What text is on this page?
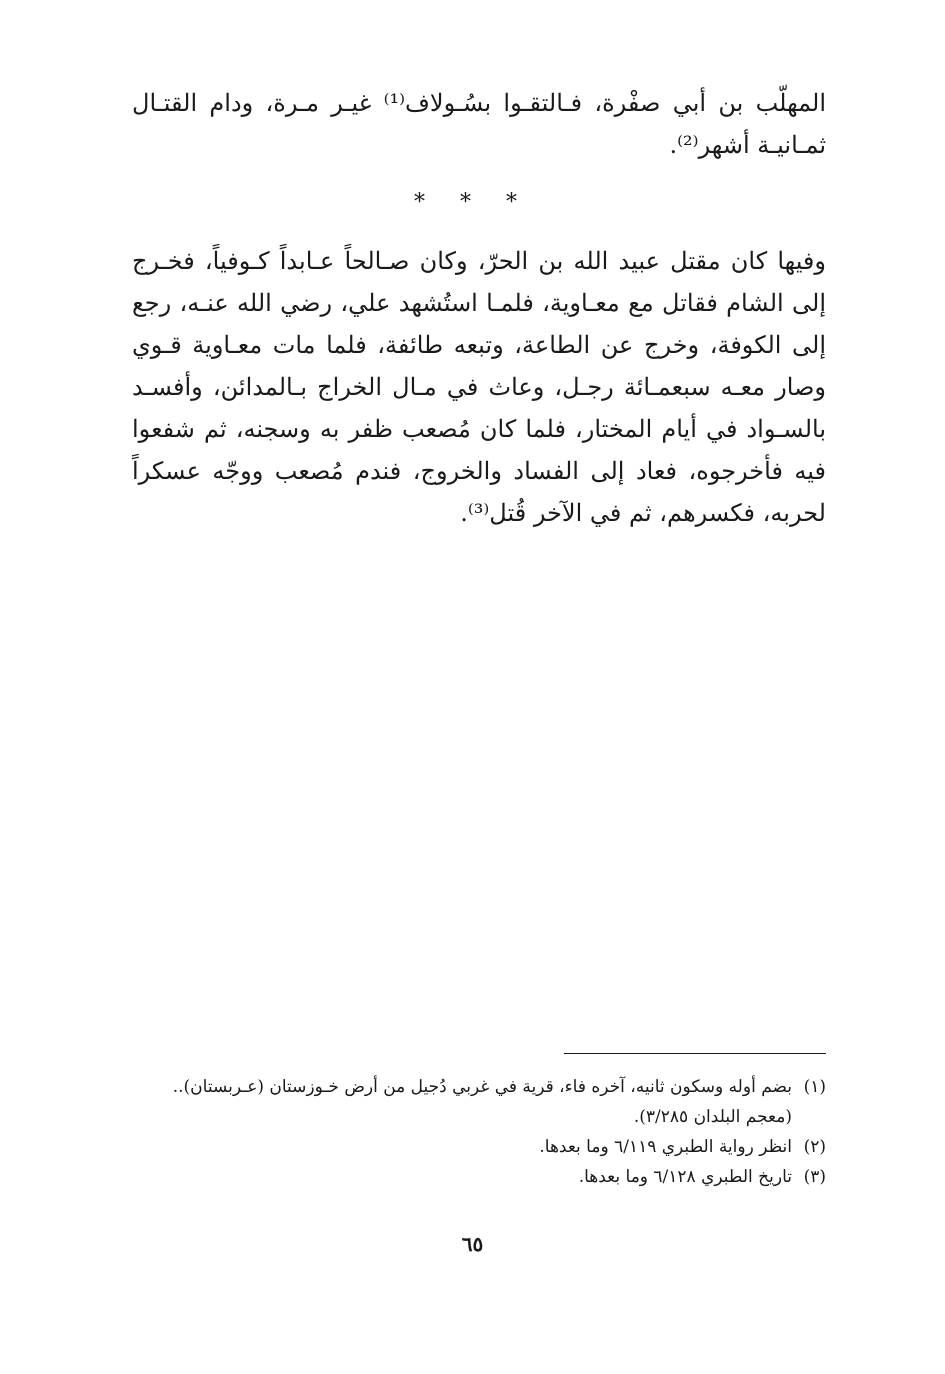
المهلّب بن أبي صفْرة، فـالتقـوا بسُـولاف⁽¹⁾ غيـر مـرة، ودام القتـال ثمـانيـة أشهر⁽²⁾.

* * *

وفيها كان مقتل عبيد الله بن الحرّ، وكان صـالحاً عـابداً كـوفياً، فخـرج إلى الشام فقاتل مع معـاوية، فلمـا استُشهد علي، رضي الله عنـه، رجع إلى الكوفة، وخرج عن الطاعة، وتبعه طائفة، فلما مات معـاوية قـوي وصار معـه سبعمـائة رجـل، وعاث في مـال الخراج بـالمدائن، وأفسـد بالسـواد في أيام المختار، فلما كان مُصعب ظفر به وسجنه، ثم شفعوا فيه فأخرجوه، فعاد إلى الفساد والخروج، فندم مُصعب ووجّه عسكراً لحربه، فكسرهم، ثم في الآخر قُتل⁽³⁾.

(١)
بضم أوله وسكون ثانيه، آخره فاء، قرية في غربي دُجيل من أرض خـوزستان (عـربستان).. (معجم البلدان ٣/٢٨٥).
(٢)
انظر رواية الطبري ٦/١١٩ وما بعدها.
(٣)
تاريخ الطبري ٦/١٢٨ وما بعدها.
٦٥
